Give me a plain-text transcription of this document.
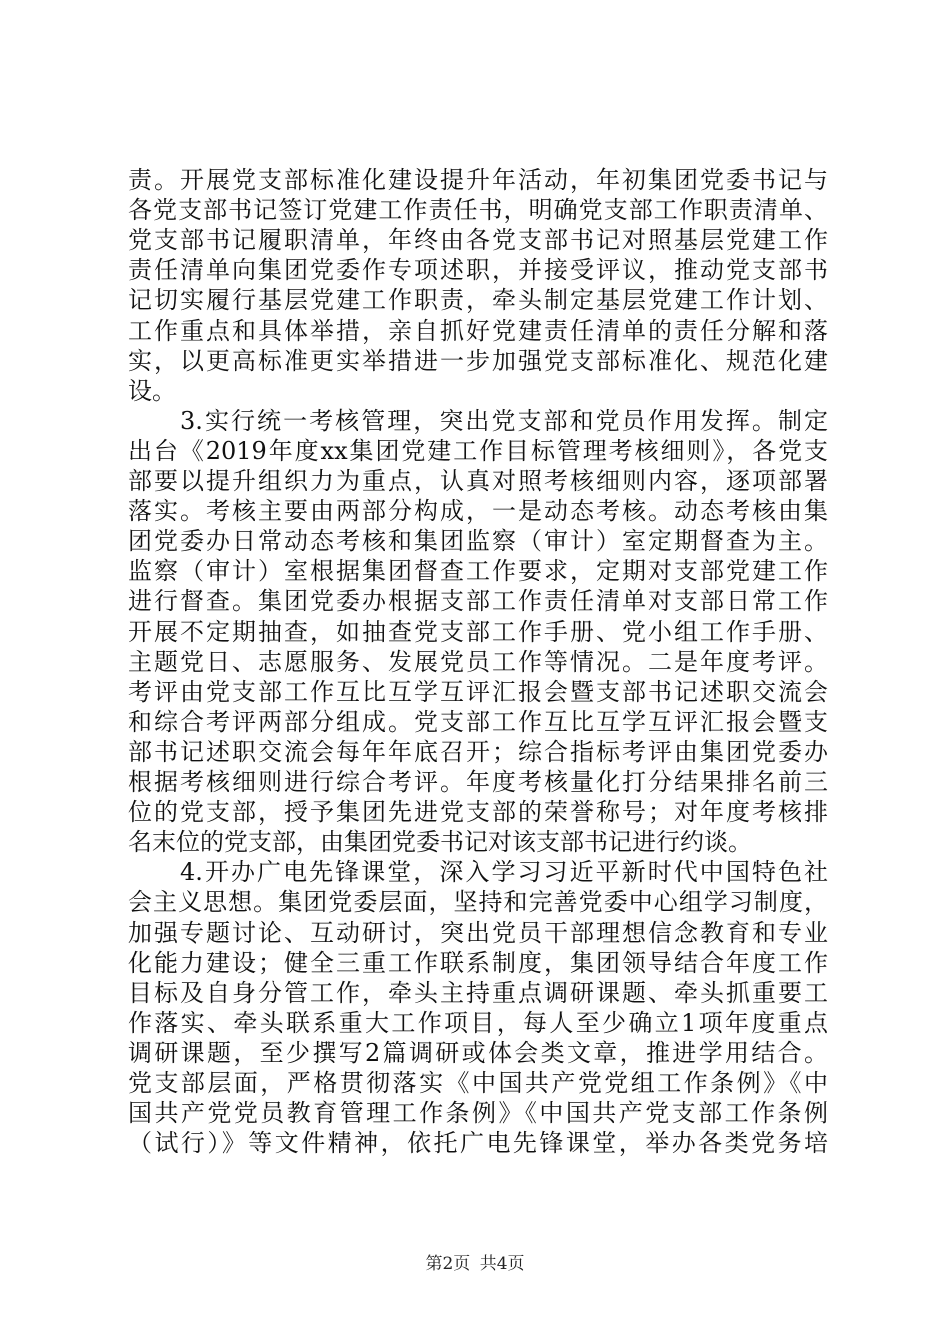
责。开展党支部标准化建设提升年活动，年初集团党委书记与
各党支部书记签订党建工作责任书，明确党支部工作职责清单、
党支部书记履职清单，年终由各党支部书记对照基层党建工作
责任清单向集团党委作专项述职，并接受评议，推动党支部书
记切实履行基层党建工作职责，牵头制定基层党建工作计划、
工作重点和具体举措，亲自抓好党建责任清单的责任分解和落
实，以更高标准更实举措进一步加强党支部标准化、规范化建
设。
3.实行统一考核管理，突出党支部和党员作用发挥。制定
出台《2019年度xx集团党建工作目标管理考核细则》，各党支
部要以提升组织力为重点，认真对照考核细则内容，逐项部署
落实。考核主要由两部分构成，一是动态考核。动态考核由集
团党委办日常动态考核和集团监察（审计）室定期督查为主。
监察（审计）室根据集团督查工作要求，定期对支部党建工作
进行督查。集团党委办根据支部工作责任清单对支部日常工作
开展不定期抽查，如抽查党支部工作手册、党小组工作手册、
主题党日、志愿服务、发展党员工作等情况。二是年度考评。
考评由党支部工作互比互学互评汇报会暨支部书记述职交流会
和综合考评两部分组成。党支部工作互比互学互评汇报会暨支
部书记述职交流会每年年底召开；综合指标考评由集团党委办
根据考核细则进行综合考评。年度考核量化打分结果排名前三
位的党支部，授予集团先进党支部的荣誉称号；对年度考核排
名末位的党支部，由集团党委书记对该支部书记进行约谈。
4.开办广电先锋课堂，深入学习习近平新时代中国特色社
会主义思想。集团党委层面，坚持和完善党委中心组学习制度，
加强专题讨论、互动研讨，突出党员干部理想信念教育和专业
化能力建设；健全三重工作联系制度，集团领导结合年度工作
目标及自身分管工作，牵头主持重点调研课题、牵头抓重要工
作落实、牵头联系重大工作项目，每人至少确立1项年度重点
调研课题，至少撰写2篇调研或体会类文章，推进学用结合。
党支部层面，严格贯彻落实《中国共产党党组工作条例》《中
国共产党党员教育管理工作条例》《中国共产党支部工作条例
（试行）》等文件精神，依托广电先锋课堂，举办各类党务培
第2页 共4页
